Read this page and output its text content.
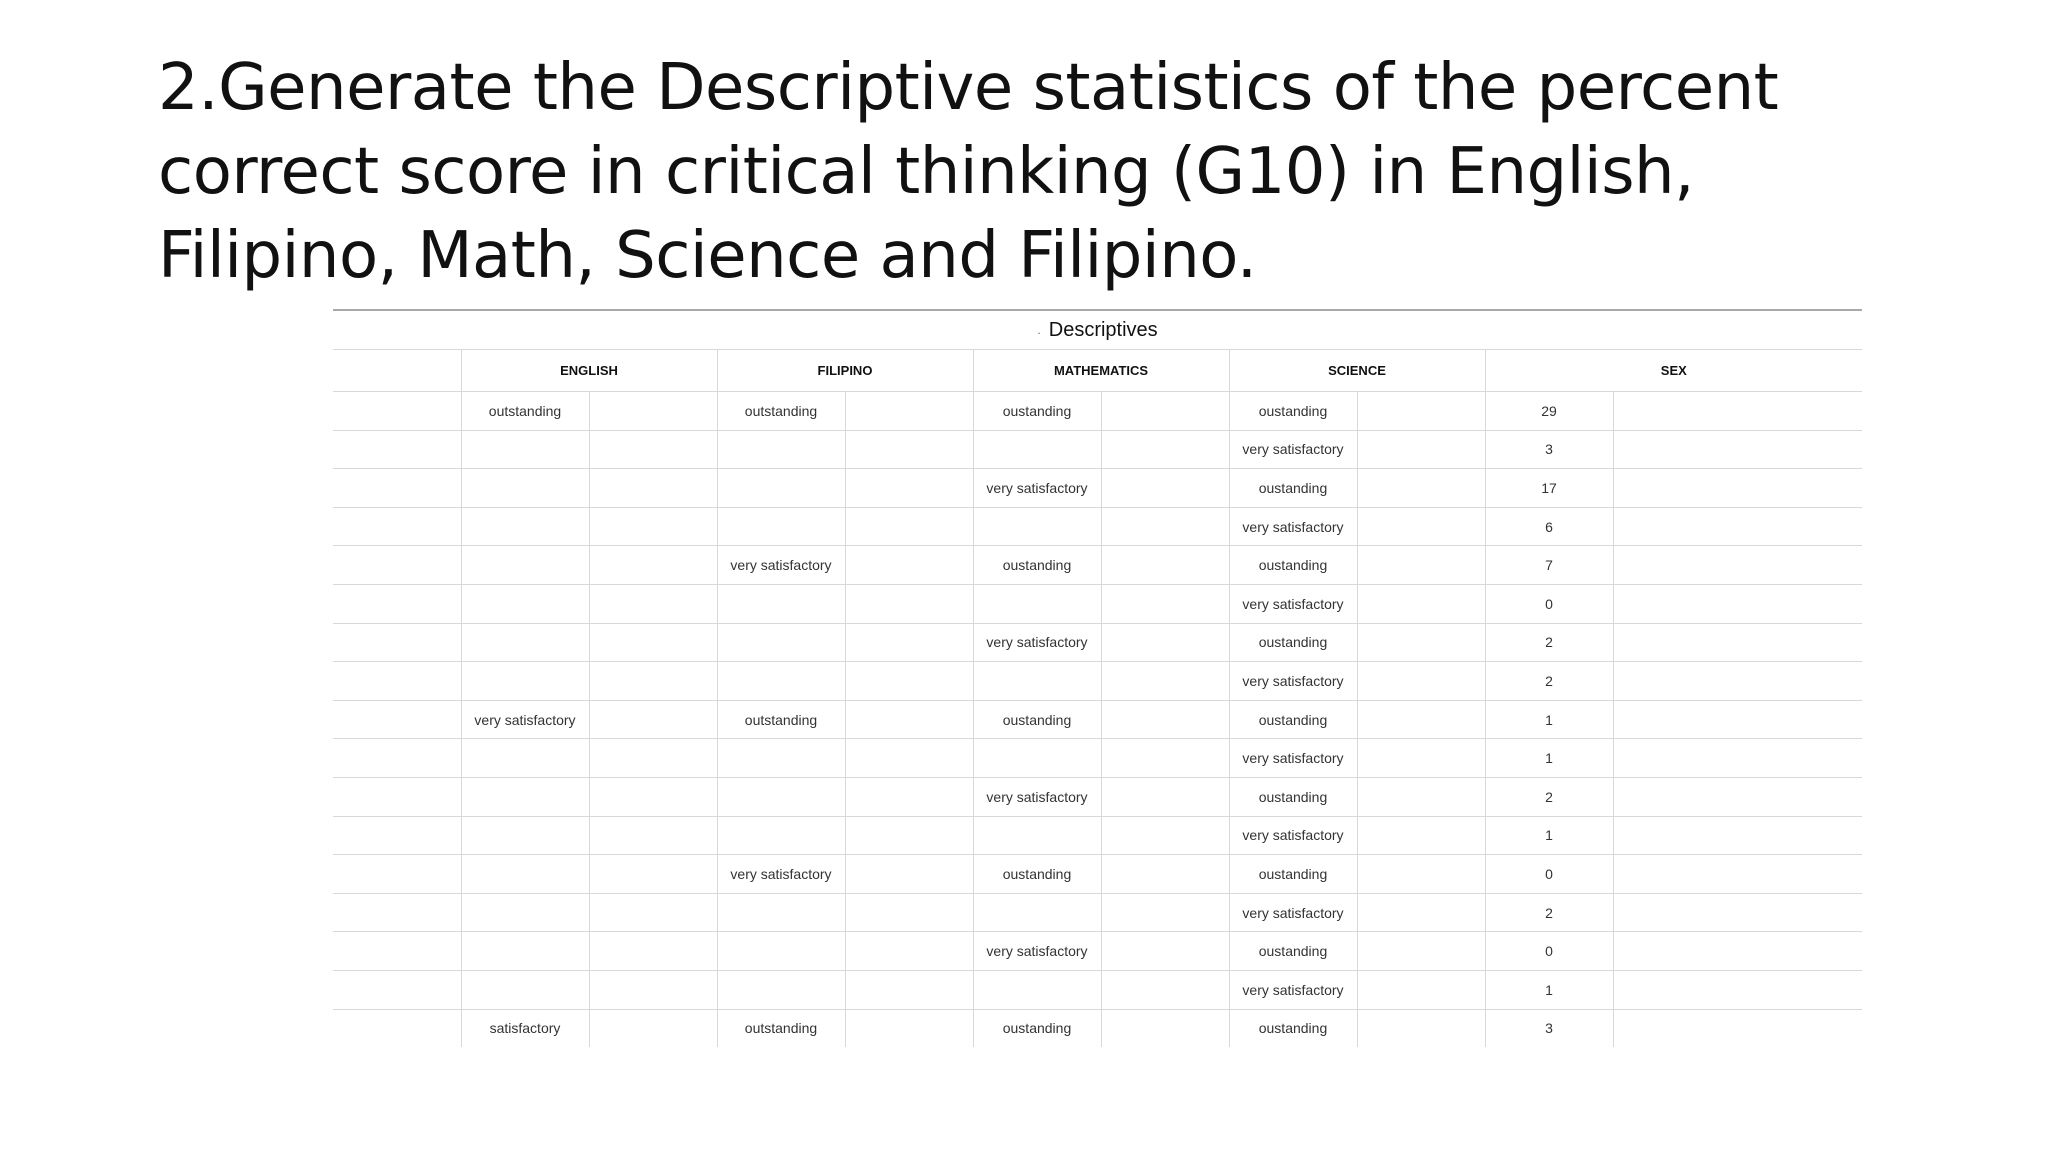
2.Generate the Descriptive statistics of the percent correct score in critical thinking (G10) in English, Filipino, Math, Science and Filipino.
. Descriptives										
	ENGLISH		FILIPINO		MATHEMATICS		SCIENCE		SEX	
	outstanding		outstanding		oustanding		oustanding		29	
							very satisfactory		3	
					very satisfactory		oustanding		17	
							very satisfactory		6	
			very satisfactory		oustanding		oustanding		7	
							very satisfactory		0	
					very satisfactory		oustanding		2	
							very satisfactory		2	
	very satisfactory		outstanding		oustanding		oustanding		1	
							very satisfactory		1	
					very satisfactory		oustanding		2	
							very satisfactory		1	
			very satisfactory		oustanding		oustanding		0	
							very satisfactory		2	
					very satisfactory		oustanding		0	
							very satisfactory		1	
	satisfactory		outstanding		oustanding		oustanding		3	
